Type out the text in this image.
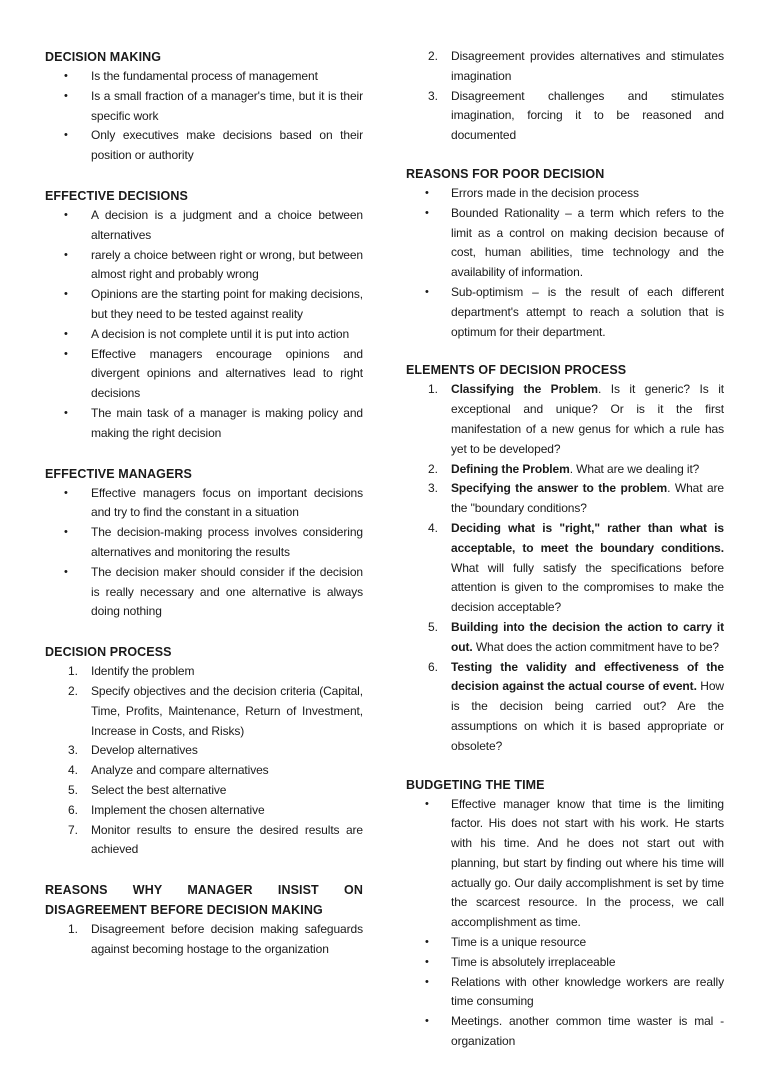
DECISION MAKING
•	Is the fundamental process of management
•	Is a small fraction of a manager's time, but it is their specific work
•	Only executives make decisions based on their position or authority
EFFECTIVE DECISIONS
•	A decision is a judgment and a choice between alternatives
•	rarely a choice between right or wrong, but between almost right and probably wrong
•	Opinions are the starting point for making decisions, but they need to be tested against reality
•	A decision is not complete until it is put into action
•	Effective managers encourage opinions and divergent opinions and alternatives lead to right decisions
•	The main task of a manager is making policy and making the right decision
EFFECTIVE MANAGERS
•	Effective managers focus on important decisions and try to find the constant in a situation
•	The decision-making process involves considering alternatives and monitoring the results
•	The decision maker should consider if the decision is really necessary and one alternative is always doing nothing
DECISION PROCESS
1.	Identify the problem
2.	Specify objectives and the decision criteria (Capital, Time, Profits, Maintenance, Return of Investment, Increase in Costs, and Risks)
3.	Develop alternatives
4.	Analyze and compare alternatives
5.	Select the best alternative
6.	Implement the chosen alternative
7.	Monitor results to ensure the desired results are achieved
REASONS WHY MANAGER INSIST ON DISAGREEMENT BEFORE DECISION MAKING
1.	Disagreement before decision making safeguards against becoming hostage to the organization
2.	Disagreement provides alternatives and stimulates imagination
3.	Disagreement challenges and stimulates imagination, forcing it to be reasoned and documented
REASONS FOR POOR DECISION
•	Errors made in the decision process
•	Bounded Rationality – a term which refers to the limit as a control on making decision because of cost, human abilities, time technology and the availability of information.
•	Sub-optimism – is the result of each different department's attempt to reach a solution that is optimum for their department.
ELEMENTS OF DECISION PROCESS
1.	Classifying the Problem. Is it generic? Is it exceptional and unique? Or is it the first manifestation of a new genus for which a rule has yet to be developed?
2.	Defining the Problem. What are we dealing it?
3.	Specifying the answer to the problem. What are the "boundary conditions?
4.	Deciding what is "right," rather than what is acceptable, to meet the boundary conditions. What will fully satisfy the specifications before attention is given to the compromises to make the decision acceptable?
5.	Building into the decision the action to carry it out. What does the action commitment have to be?
6.	Testing the validity and effectiveness of the decision against the actual course of event. How is the decision being carried out? Are the assumptions on which it is based appropriate or obsolete?
BUDGETING THE TIME
•	Effective manager know that time is the limiting factor. His does not start with his work. He starts with his time. And he does not start out with planning, but start by finding out where his time will actually go. Our daily accomplishment is set by time the scarcest resource. In the process, we call accomplishment as time.
•	Time is a unique resource
•	Time is absolutely irreplaceable
•	Relations with other knowledge workers are really time consuming
•	Meetings. another common time waster is mal - organization
